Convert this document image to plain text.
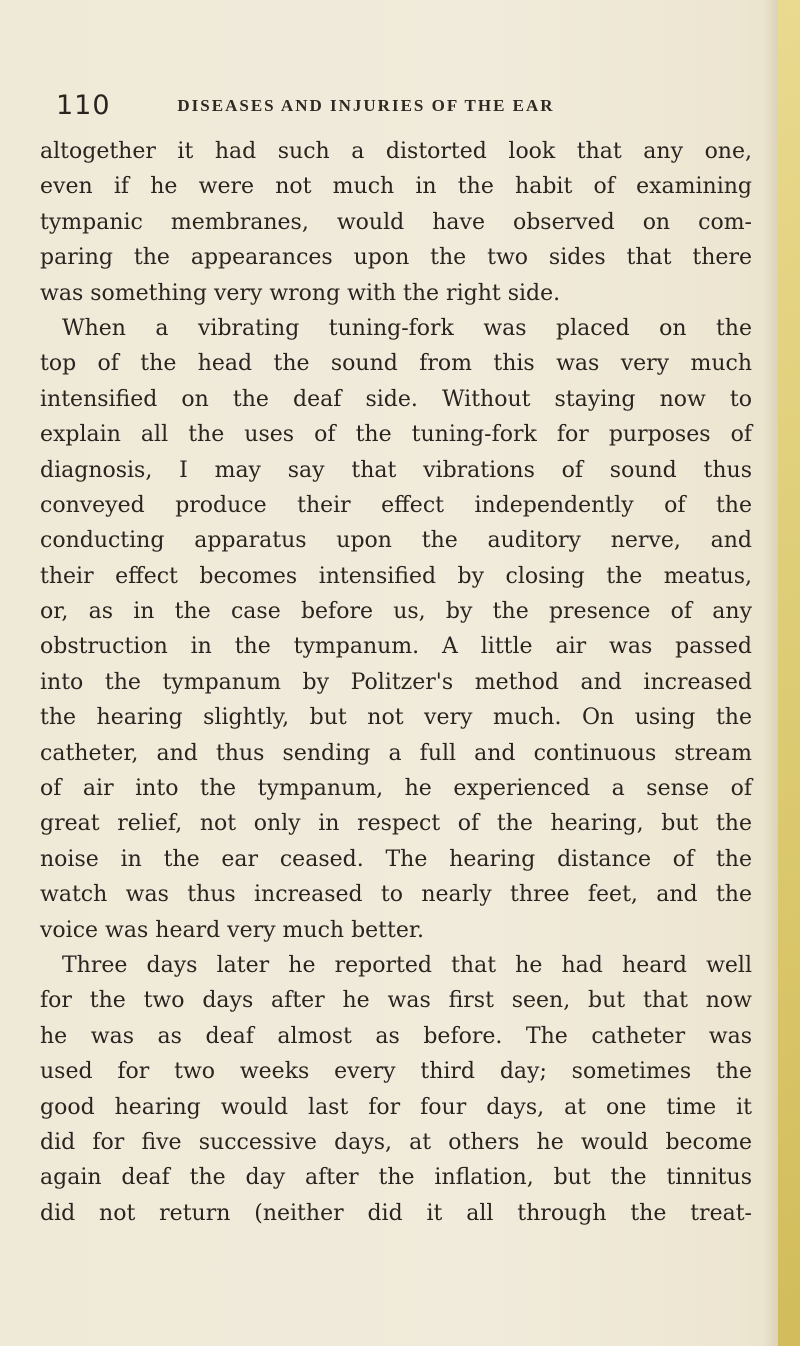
110	DISEASES AND INJURIES OF THE EAR
altogether it had such a distorted look that any one,
even if he were not much in the habit of examining
tympanic membranes, would have observed on com-
paring the appearances upon the two sides that there
was something very wrong with the right side.
When a vibrating tuning-fork was placed on the
top of the head the sound from this was very much
intensified on the deaf side. Without staying now to
explain all the uses of the tuning-fork for purposes of
diagnosis, I may say that vibrations of sound thus
conveyed produce their effect independently of the
conducting apparatus upon the auditory nerve, and
their effect becomes intensified by closing the meatus,
or, as in the case before us, by the presence of any
obstruction in the tympanum. A little air was passed
into the tympanum by Politzer's method and increased
the hearing slightly, but not very much. On using the
catheter, and thus sending a full and continuous stream
of air into the tympanum, he experienced a sense of
great relief, not only in respect of the hearing, but the
noise in the ear ceased. The hearing distance of the
watch was thus increased to nearly three feet, and the
voice was heard very much better.
Three days later he reported that he had heard well
for the two days after he was first seen, but that now
he was as deaf almost as before. The catheter was
used for two weeks every third day; sometimes the
good hearing would last for four days, at one time it
did for five successive days, at others he would become
again deaf the day after the inflation, but the tinnitus
did not return (neither did it all through the treat-
